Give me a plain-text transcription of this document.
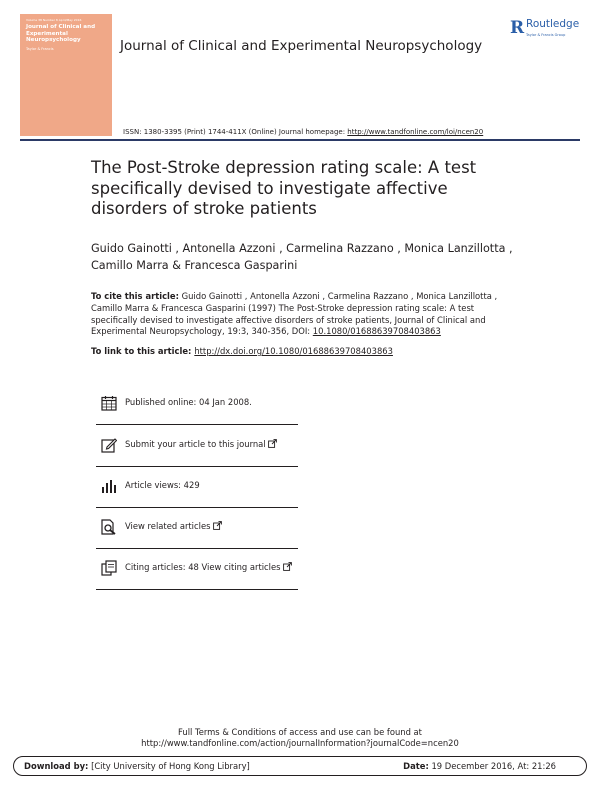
Volume 38 Number 8 April/May 2016
Journal of Clinical and Experimental Neuropsychology
Taylor & Francis	Journal of Clinical and Experimental Neuropsychology
ISSN: 1380-3395 (Print) 1744-411X (Online) Journal homepage: http://www.tandfonline.com/loi/ncen20
R Routledge
Taylor & Francis Group
The Post-Stroke depression rating scale: A test specifically devised to investigate affective disorders of stroke patients
Guido Gainotti , Antonella Azzoni , Carmelina Razzano , Monica Lanzillotta ,
Camillo Marra & Francesca Gasparini
To cite this article: Guido Gainotti , Antonella Azzoni , Carmelina Razzano , Monica Lanzillotta , Camillo Marra & Francesca Gasparini (1997) The Post-Stroke depression rating scale: A test specifically devised to investigate affective disorders of stroke patients, Journal of Clinical and Experimental Neuropsychology, 19:3, 340-356, DOI: 10.1080/01688639708403863
To link to this article: http://dx.doi.org/10.1080/01688639708403863
Published online: 04 Jan 2008.
Submit your article to this journal
Article views: 429
View related articles
Citing articles: 48 View citing articles
Full Terms & Conditions of access and use can be found at
http://www.tandfonline.com/action/journalInformation?journalCode=ncen20
Download by: [City University of Hong Kong Library]	Date: 19 December 2016, At: 21:26
